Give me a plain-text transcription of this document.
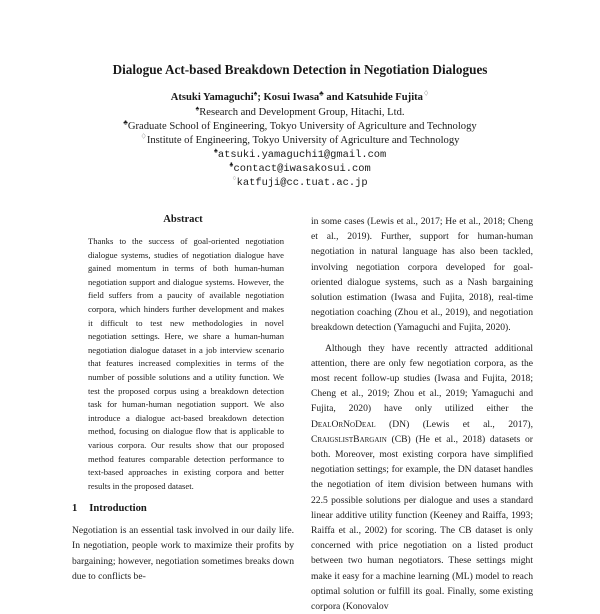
Dialogue Act-based Breakdown Detection in Negotiation Dialogues
Atsuki Yamaguchi♠; Kosui Iwasa♣ and Katsuhide Fujita♢
♠Research and Development Group, Hitachi, Ltd.
♣Graduate School of Engineering, Tokyo University of Agriculture and Technology
♢Institute of Engineering, Tokyo University of Agriculture and Technology
♠atsuki.yamaguchi1@gmail.com
♣contact@iwasakosui.com
♢katfuji@cc.tuat.ac.jp
Abstract

Thanks to the success of goal-oriented negotiation dialogue systems, studies of negotiation dialogue have gained momentum in terms of both human-human negotiation support and dialogue systems. However, the field suffers from a paucity of available negotiation corpora, which hinders further development and makes it difficult to test new methodologies in novel negotiation settings. Here, we share a human-human negotiation dialogue dataset in a job interview scenario that features increased complexities in terms of the number of possible solutions and a utility function. We test the proposed corpus using a breakdown detection task for human-human negotiation support. We also introduce a dialogue act-based breakdown detection method, focusing on dialogue flow that is applicable to various corpora. Our results show that our proposed method features comparable detection performance to text-based approaches in existing corpora and better results in the proposed dataset.

1 Introduction

Negotiation is an essential task involved in our daily life. In negotiation, people work to maximize their profits by bargaining; however, negotiation sometimes breaks down due to conflicts be-

in some cases (Lewis et al., 2017; He et al., 2018; Cheng et al., 2019). Further, support for human-human negotiation in natural language has also been tackled, involving negotiation corpora developed for goal-oriented dialogue systems, such as a Nash bargaining solution estimation (Iwasa and Fujita, 2018), real-time negotiation coaching (Zhou et al., 2019), and negotiation breakdown detection (Yamaguchi and Fujita, 2020).

Although they have recently attracted additional attention, there are only few negotiation corpora, as the most recent follow-up studies (Iwasa and Fujita, 2018; Cheng et al., 2019; Zhou et al., 2019; Yamaguchi and Fujita, 2020) have only utilized either the DealOrNoDeal (DN) (Lewis et al., 2017), CraigslistBargain (CB) (He et al., 2018) datasets or both. Moreover, most existing corpora have simplified negotiation settings; for example, the DN dataset handles the negotiation of item division between humans with 22.5 possible solutions per dialogue and uses a standard linear additive utility function (Keeney and Raiffa, 1993; Raiffa et al., 2002) for scoring. The CB dataset is only concerned with price negotiation on a listed product between two human negotiators. These settings might make it easy for a machine learning (ML) model to reach optimal solution or fulfill its goal. Finally, some existing corpora (Konovalov
